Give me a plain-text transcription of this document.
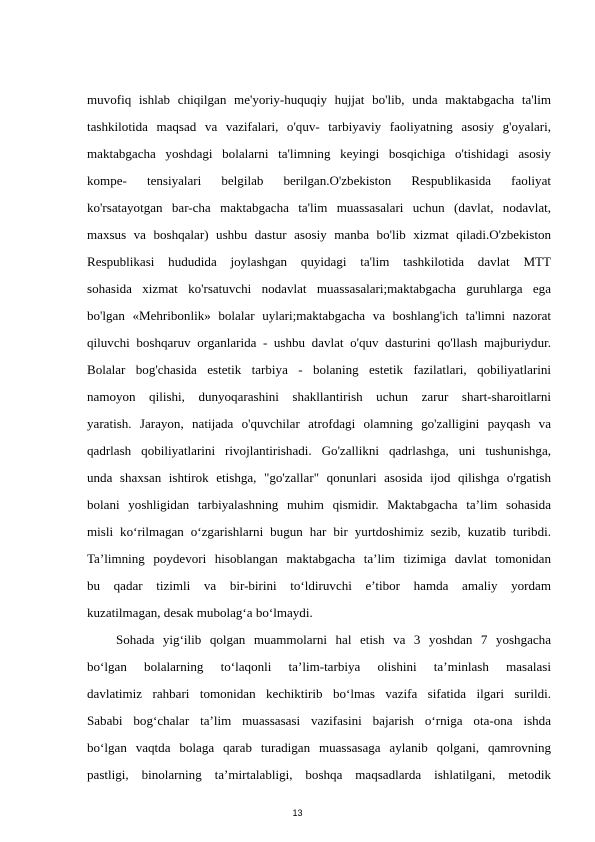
muvofiq ishlab chiqilgan me'yoriy-huquqiy hujjat bo'lib, unda maktabgacha ta'lim
tashkilotida maqsad va vazifalari, o'quv- tarbiyaviy faoliyatning asosiy g'oyalari,
maktabgacha yoshdagi bolalarni ta'limning keyingi bosqichiga o'tishidagi asosiy
kompe- tensiyalari belgilab berilgan.O'zbekiston Respublikasida faoliyat
ko'rsatayotgan bar-cha maktabgacha ta'lim muassasalari uchun (davlat, nodavlat,
maxsus va boshqalar) ushbu dastur asosiy manba bo'lib xizmat qiladi.O'zbekiston
Respublikasi hududida joylashgan quyidagi ta'lim tashkilotida davlat MTT
sohasida xizmat ko'rsatuvchi nodavlat muassasalari;maktabgacha guruhlarga ega
bo'lgan «Mehribonlik» bolalar uylari;maktabgacha va boshlang'ich ta'limni nazorat
qiluvchi boshqaruv organlarida - ushbu davlat o'quv dasturini qo'llash majburiydur.
Bolalar bog'chasida estetik tarbiya - bolaning estetik fazilatlari, qobiliyatlarini
namoyon qilishi, dunyoqarashini shakllantirish uchun zarur shart-sharoitlarni
yaratish. Jarayon, natijada o'quvchilar atrofdagi olamning go'zalligini payqash va
qadrlash qobiliyatlarini rivojlantirishadi. Go'zallikni qadrlashga, uni tushunishga,
unda shaxsan ishtirok etishga, "go'zallar" qonunlari asosida ijod qilishga o'rgatish
bolani yoshligidan tarbiyalashning muhim qismidir. Maktabgacha ta’lim sohasida
misli ko‘rilmagan o‘zgarishlarni bugun har bir yurtdoshimiz sezib, kuzatib turibdi.
Ta’limning poydevori hisoblangan maktabgacha ta’lim tizimiga davlat tomonidan
bu qadar tizimli va bir-birini to‘ldiruvchi e’tibor hamda amaliy yordam
kuzatilmagan, desak mubolag‘a bo‘lmaydi.
Sohada yig‘ilib qolgan muammolarni hal etish va 3 yoshdan 7 yoshgacha
bo‘lgan bolalarning to‘laqonli ta’lim-tarbiya olishini ta’minlash masalasi
davlatimiz rahbari tomonidan kechiktirib bo‘lmas vazifa sifatida ilgari surildi.
Sababi bog‘chalar ta’lim muassasasi vazifasini bajarish o‘rniga ota-ona ishda
bo‘lgan vaqtda bolaga qarab turadigan muassasaga aylanib qolgani, qamrovning
pastligi, binolarning ta’mirtalabligi, boshqa maqsadlarda ishlatilgani, metodik
13
